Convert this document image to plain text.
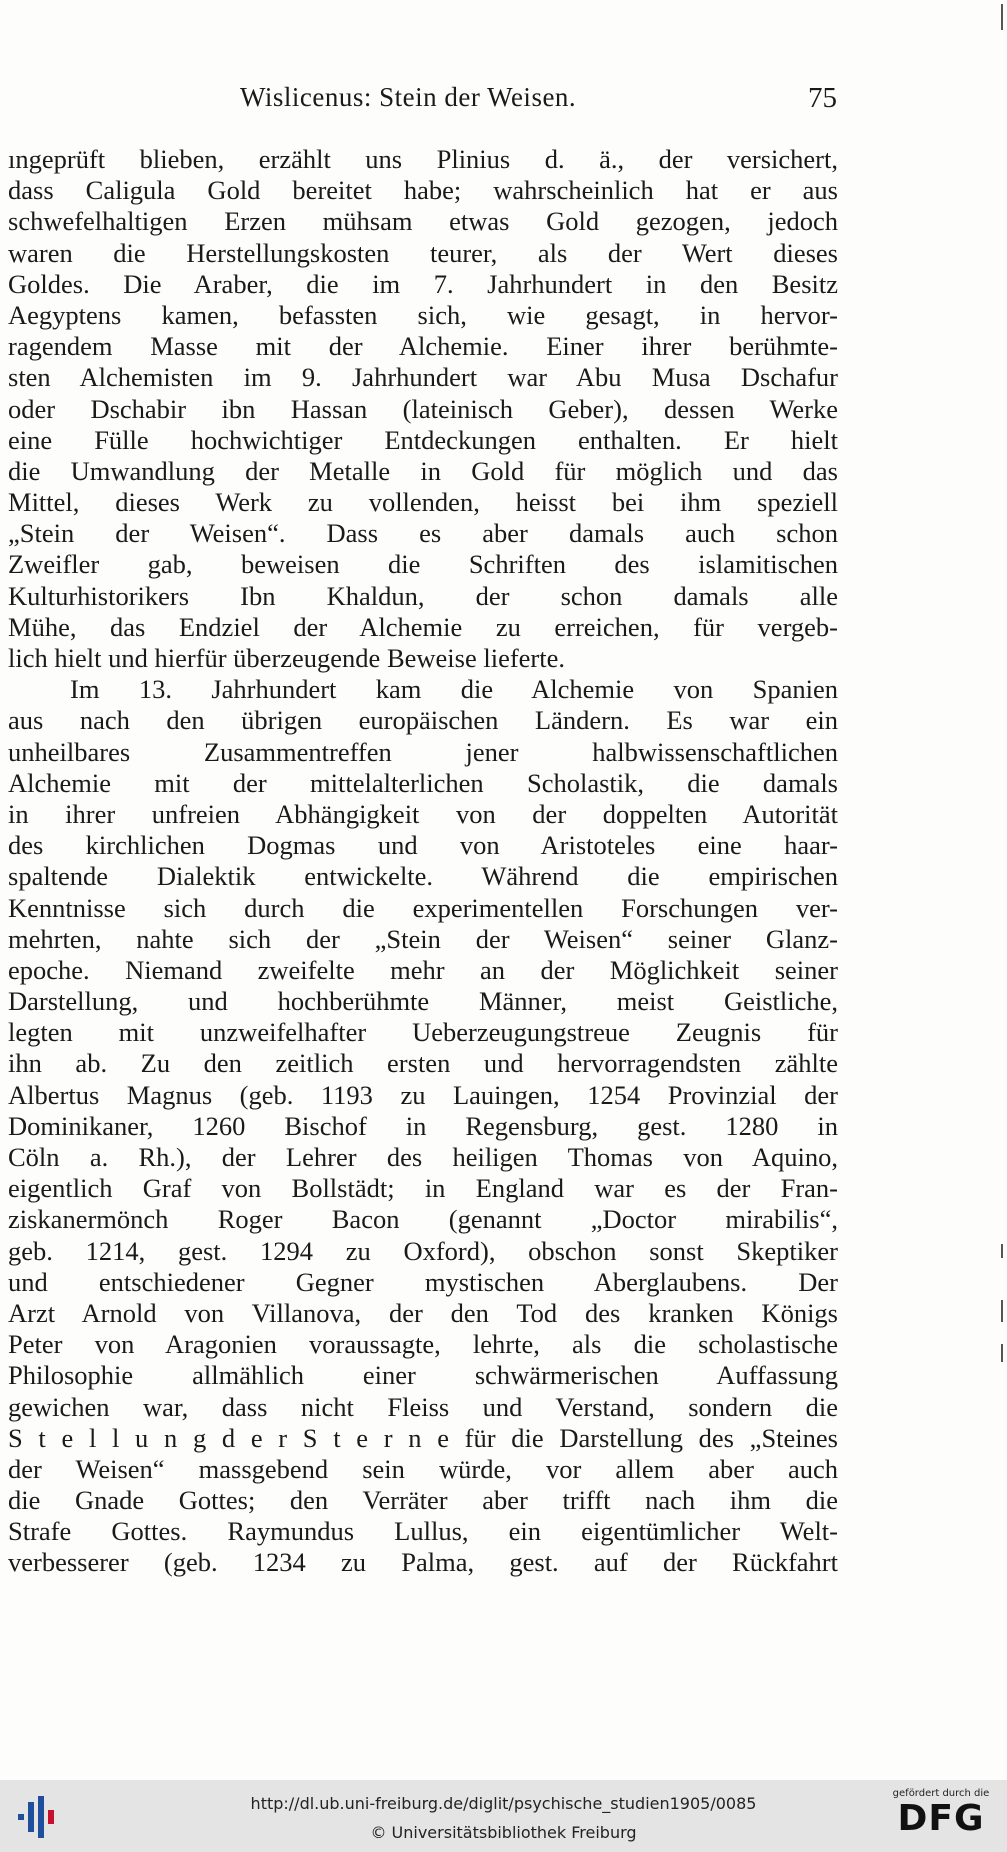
Wislicenus: Stein der Weisen.	75
ıngeprüft blieben, erzählt uns Plinius d. ä., der versichert,
dass Caligula Gold bereitet habe; wahrscheinlich hat er aus
schwefelhaltigen Erzen mühsam etwas Gold gezogen, jedoch
waren die Herstellungskosten teurer, als der Wert dieses
Goldes. Die Araber, die im 7. Jahrhundert in den Besitz
Aegyptens kamen, befassten sich, wie gesagt, in hervor-
ragendem Masse mit der Alchemie. Einer ihrer berühmte-
sten Alchemisten im 9. Jahrhundert war Abu Musa Dschafur
oder Dschabir ibn Hassan (lateinisch Geber), dessen Werke
eine Fülle hochwichtiger Entdeckungen enthalten. Er hielt
die Umwandlung der Metalle in Gold für möglich und das
Mittel, dieses Werk zu vollenden, heisst bei ihm speziell
„Stein der Weisen“. Dass es aber damals auch schon
Zweifler gab, beweisen die Schriften des islamitischen
Kulturhistorikers Ibn Khaldun, der schon damals alle
Mühe, das Endziel der Alchemie zu erreichen, für vergeb-
lich hielt und hierfür überzeugende Beweise lieferte.
Im 13. Jahrhundert kam die Alchemie von Spanien
aus nach den übrigen europäischen Ländern. Es war ein
unheilbares Zusammentreffen jener halbwissenschaftlichen
Alchemie mit der mittelalterlichen Scholastik, die damals
in ihrer unfreien Abhängigkeit von der doppelten Autorität
des kirchlichen Dogmas und von Aristoteles eine haar-
spaltende Dialektik entwickelte. Während die empirischen
Kenntnisse sich durch die experimentellen Forschungen ver-
mehrten, nahte sich der „Stein der Weisen“ seiner Glanz-
epoche. Niemand zweifelte mehr an der Möglichkeit seiner
Darstellung, und hochberühmte Männer, meist Geistliche,
legten mit unzweifelhafter Ueberzeugungstreue Zeugnis für
ihn ab. Zu den zeitlich ersten und hervorragendsten zählte
Albertus Magnus (geb. 1193 zu Lauingen, 1254 Provinzial der
Dominikaner, 1260 Bischof in Regensburg, gest. 1280 in
Cöln a. Rh.), der Lehrer des heiligen Thomas von Aquino,
eigentlich Graf von Bollstädt; in England war es der Fran-
ziskanermönch Roger Bacon (genannt „Doctor mirabilis“,
geb. 1214, gest. 1294 zu Oxford), obschon sonst Skeptiker
und entschiedener Gegner mystischen Aberglaubens. Der
Arzt Arnold von Villanova, der den Tod des kranken Königs
Peter von Aragonien voraussagte, lehrte, als die scholastische
Philosophie allmählich einer schwärmerischen Auffassung
gewichen war, dass nicht Fleiss und Verstand, sondern die
S t e l l u n g d e r S t e r n e für die Darstellung des „Steines
der Weisen“ massgebend sein würde, vor allem aber auch
die Gnade Gottes; den Verräter aber trifft nach ihm die
Strafe Gottes. Raymundus Lullus, ein eigentümlicher Welt-
verbesserer (geb. 1234 zu Palma, gest. auf der Rückfahrt
http://dl.ub.uni-freiburg.de/diglit/psychische_studien1905/0085
© Universitätsbibliothek Freiburg
gefördert durch die
DFG
